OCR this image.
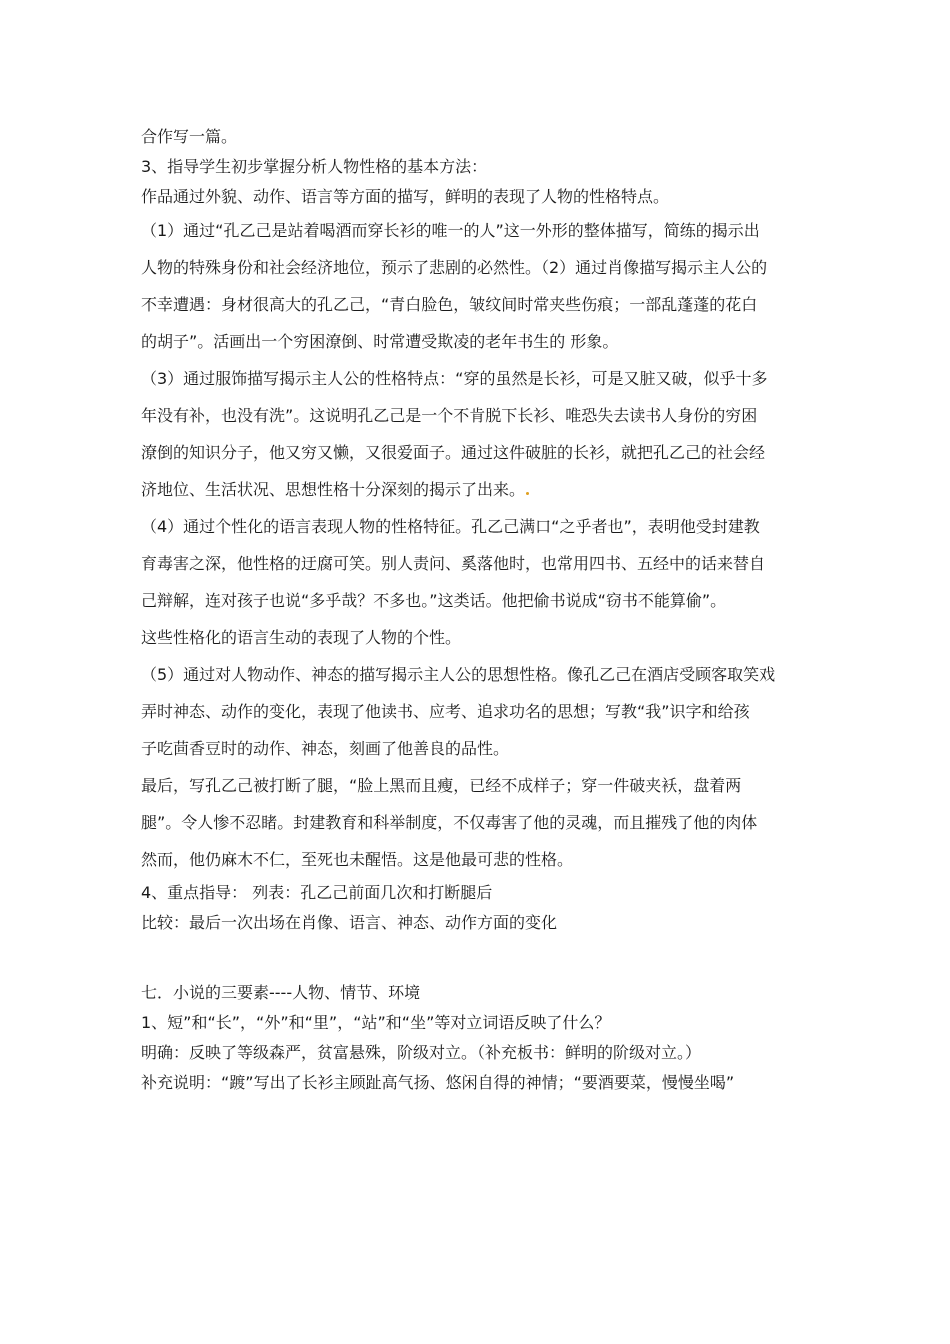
合作写一篇。

3、指导学生初步掌握分析人物性格的基本方法：

作品通过外貌、动作、语言等方面的描写，鲜明的表现了人物的性格特点。

（1）通过“孔乙己是站着喝酒而穿长衫的唯一的人”这一外形的整体描写，简练的揭示出

人物的特殊身份和社会经济地位，预示了悲剧的必然性。（2）通过肖像描写揭示主人公的

不幸遭遇：身材很高大的孔乙己，“青白脸色，皱纹间时常夹些伤痕；一部乱蓬蓬的花白

的胡子”。活画出一个穷困潦倒、时常遭受欺凌的老年书生的 形象。

（3）通过服饰描写揭示主人公的性格特点：“穿的虽然是长衫，可是又脏又破，似乎十多

年没有补，也没有洗”。这说明孔乙己是一个不肯脱下长衫、唯恐失去读书人身份的穷困

潦倒的知识分子，他又穷又懒，又很爱面子。通过这件破脏的长衫，就把孔乙己的社会经

济地位、生活状况、思想性格十分深刻的揭示了出来。

（4）通过个性化的语言表现人物的性格特征。孔乙己满口“之乎者也”，表明他受封建教

育毒害之深，他性格的迂腐可笑。别人责问、奚落他时，也常用四书、五经中的话来替自

己辩解，连对孩子也说“多乎哉？不多也。”这类话。他把偷书说成“窃书不能算偷”。

这些性格化的语言生动的表现了人物的个性。

（5）通过对人物动作、神态的描写揭示主人公的思想性格。像孔乙己在酒店受顾客取笑戏

弄时神态、动作的变化，表现了他读书、应考、追求功名的思想；写教“我”识字和给孩

子吃茴香豆时的动作、神态，刻画了他善良的品性。

最后，写孔乙己被打断了腿，“脸上黑而且瘦，已经不成样子；穿一件破夹袄，盘着两

腿”。令人惨不忍睹。封建教育和科举制度，不仅毒害了他的灵魂，而且摧残了他的肉体

然而，他仍麻木不仁，至死也未醒悟。这是他最可悲的性格。

4、重点指导： 列表：孔乙己前面几次和打断腿后

比较：最后一次出场在肖像、语言、神态、动作方面的变化

七．小说的三要素----人物、情节、环境

1、短”和“长”，“外”和“里”，“站”和“坐”等对立词语反映了什么？

明确：反映了等级森严，贫富悬殊，阶级对立。（补充板书：鲜明的阶级对立。）

补充说明：“踱”写出了长衫主顾趾高气扬、悠闲自得的神情；“要酒要菜，慢慢坐喝”
